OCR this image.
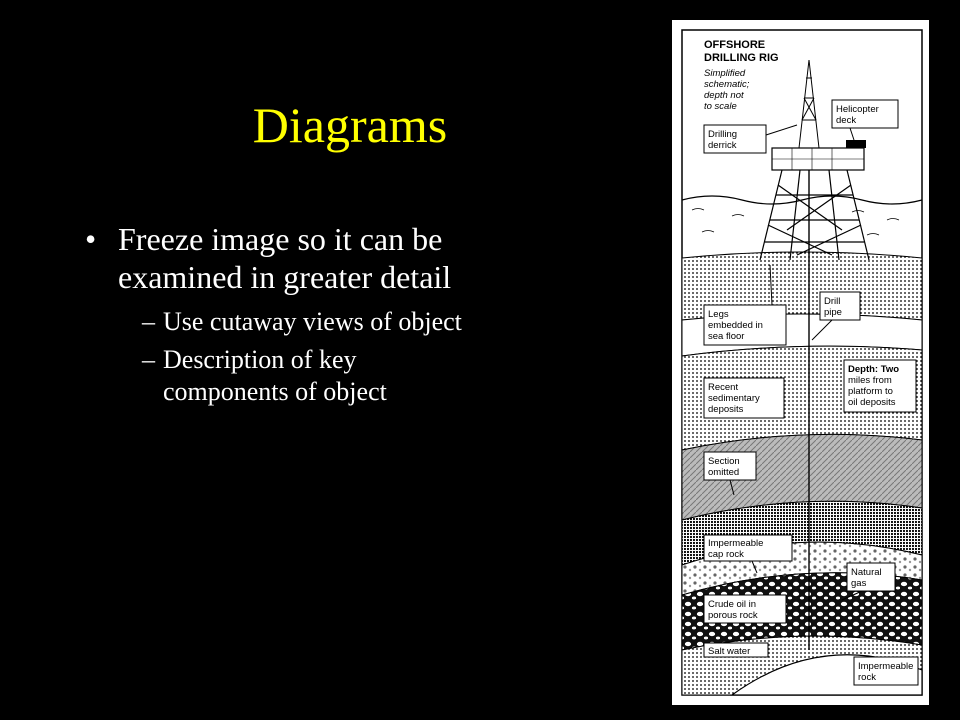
Diagrams
• Freeze image so it can be
examined in greater detail
– Use cutaway views of object
– Description of key
components of object
OFFSHORE
DRILLING RIG
Simplified
schematic;
depth not
to scale	Helicopter
deck
Drilling
derrick
Legs
embedded in
sea floor
Drill
pipe
Depth: Two
miles from
platform to
oil deposits
Recent
sedimentary
deposits
Section
omitted
Impermeable
cap rock
Natural
gas
Crude oil in
porous rock
Salt water
Impermeable
rock
